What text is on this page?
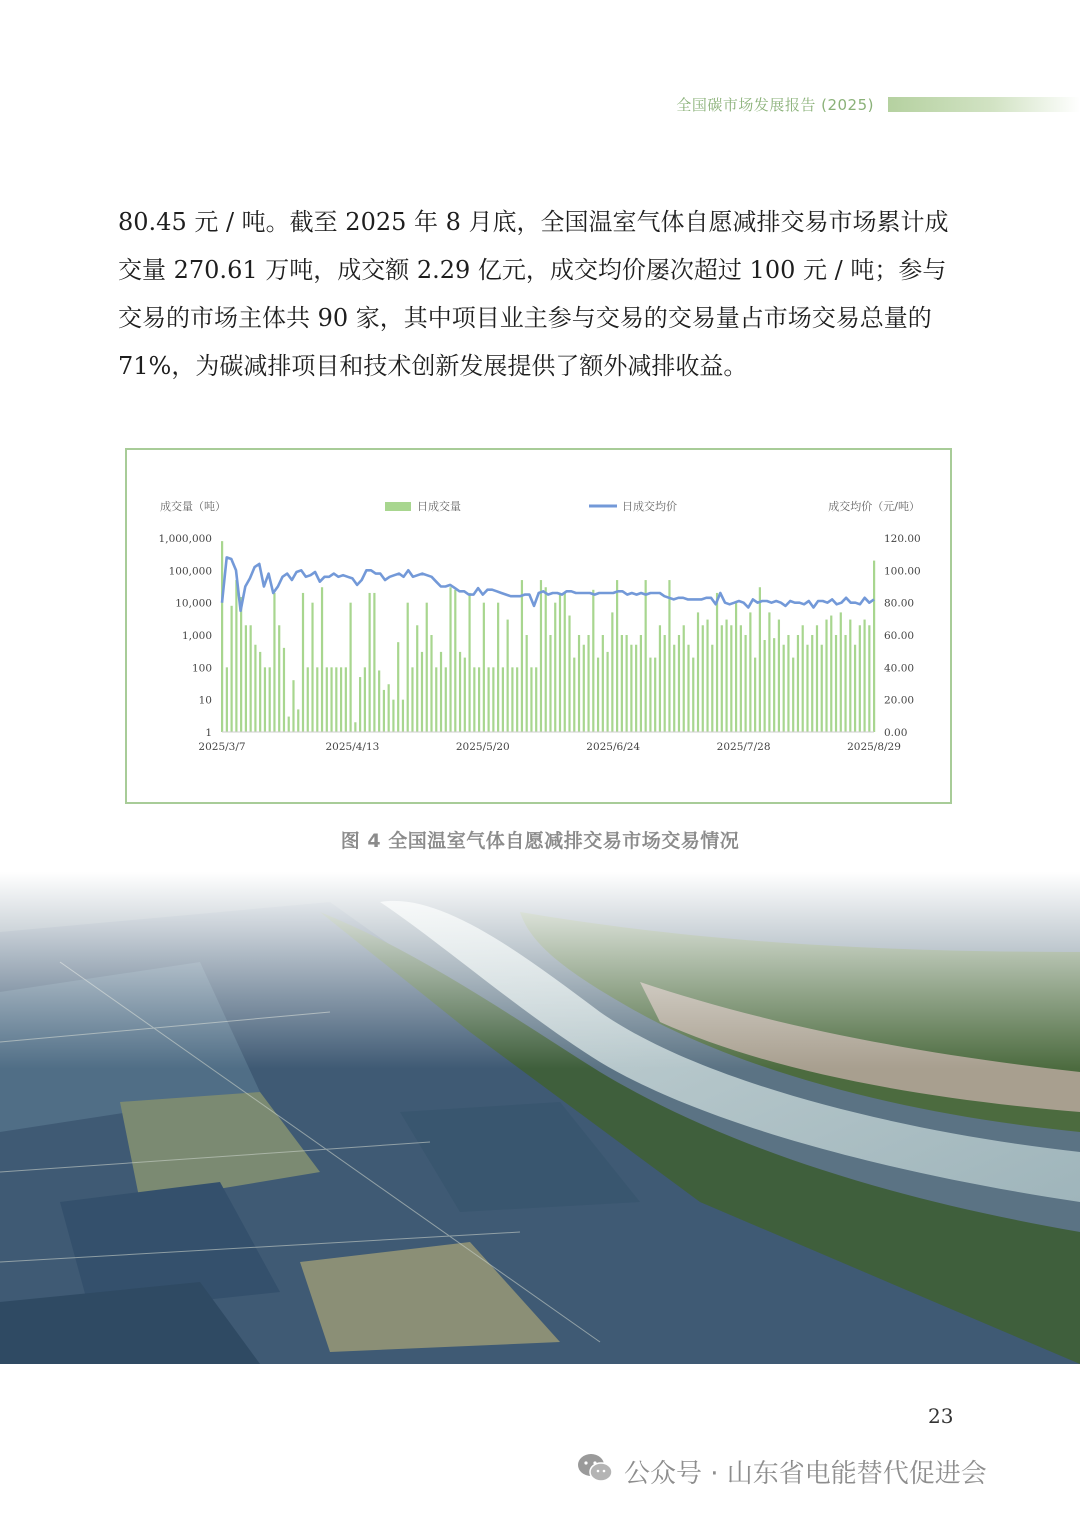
全国碳市场发展报告 (2025)
80.45 元 / 吨。截至 2025 年 8 月底，全国温室气体自愿减排交易市场累计成
交量 270.61 万吨，成交额 2.29 亿元，成交均价屡次超过 100 元 / 吨；参与
交易的市场主体共 90 家，其中项目业主参与交易的交易量占市场交易总量的
71%，为碳减排项目和技术创新发展提供了额外减排收益。
日成交量	日成交均价
成交量（吨）	成交均价（元/吨）
1,000,000
100,000
10,000
1,000
100
10
1
120.00
100.00
80.00
60.00
40.00
20.00
0.00
2025/3/7	2025/4/13	2025/5/20	2025/6/24	2025/7/28	2025/8/29
图 4 全国温室气体自愿减排交易市场交易情况
23
公众号 · 山东省电能替代促进会
